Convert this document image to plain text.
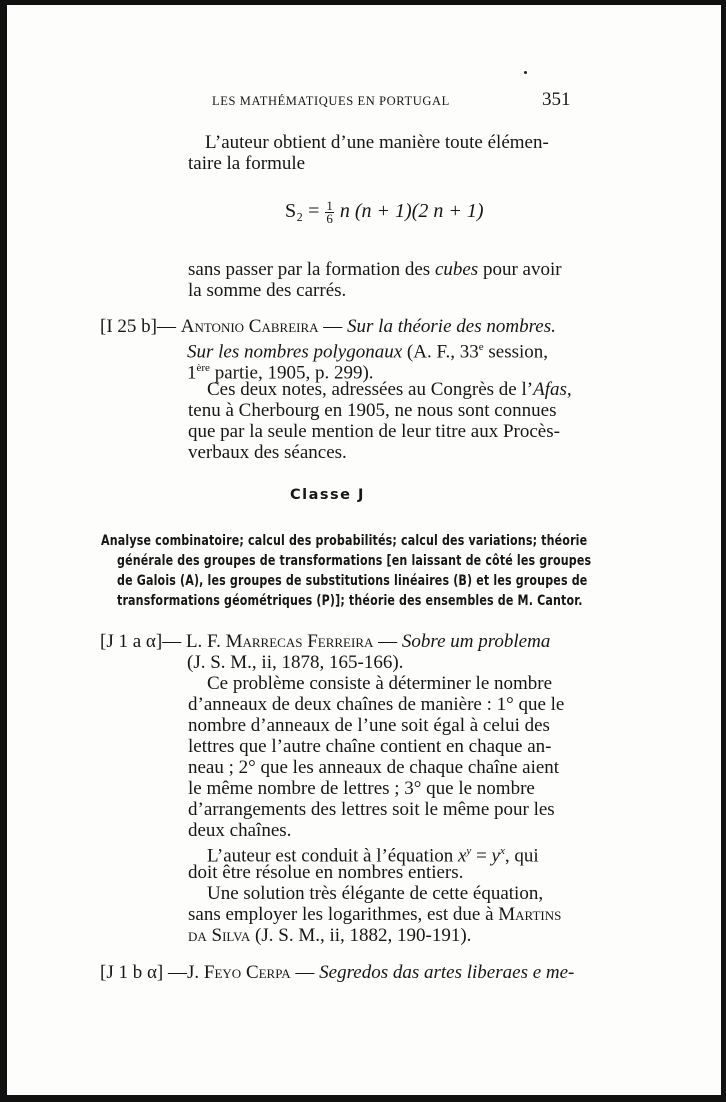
LES MATHÉMATIQUES EN PORTUGAL	351
L’auteur obtient d’une manière toute élémen-
taire la formule
$S_2 = \frac{1}{6}$ n (n + 1)(2 n + 1)
sans passer par la formation des cubes pour avoir
la somme des carrés.
[I 25 b]— Antonio Cabreira — Sur la théorie des nombres.
Sur les nombres polygonaux (A. F., 33e session,
1ère partie, 1905, p. 299).
Ces deux notes, adressées au Congrès de l’Afas,
tenu à Cherbourg en 1905, ne nous sont connues
que par la seule mention de leur titre aux Procès-
verbaux des séances.
Classe J
Analyse combinatoire; calcul des probabilités; calcul des variations; théorie
générale des groupes de transformations [en laissant de côté les groupes
de Galois (A), les groupes de substitutions linéaires (B) et les groupes de
transformations géométriques (P)]; théorie des ensembles de M. Cantor.
[J 1 a α]— L. F. Marrecas Ferreira — Sobre um problema
(J. S. M., ii, 1878, 165-166).
Ce problème consiste à déterminer le nombre
d’anneaux de deux chaînes de manière : 1° que le
nombre d’anneaux de l’une soit égal à celui des
lettres que l’autre chaîne contient en chaque an-
neau ; 2° que les anneaux de chaque chaîne aient
le même nombre de lettres ; 3° que le nombre
d’arrangements des lettres soit le même pour les
deux chaînes.
L’auteur est conduit à l’équation $x^y = y^x$, qui
doit être résolue en nombres entiers.
Une solution très élégante de cette équation,
sans employer les logarithmes, est due à Martins
da Silva (J. S. M., ii, 1882, 190-191).
[J 1 b α] —J. Feyo Cerpa — Segredos das artes liberaes e me-
